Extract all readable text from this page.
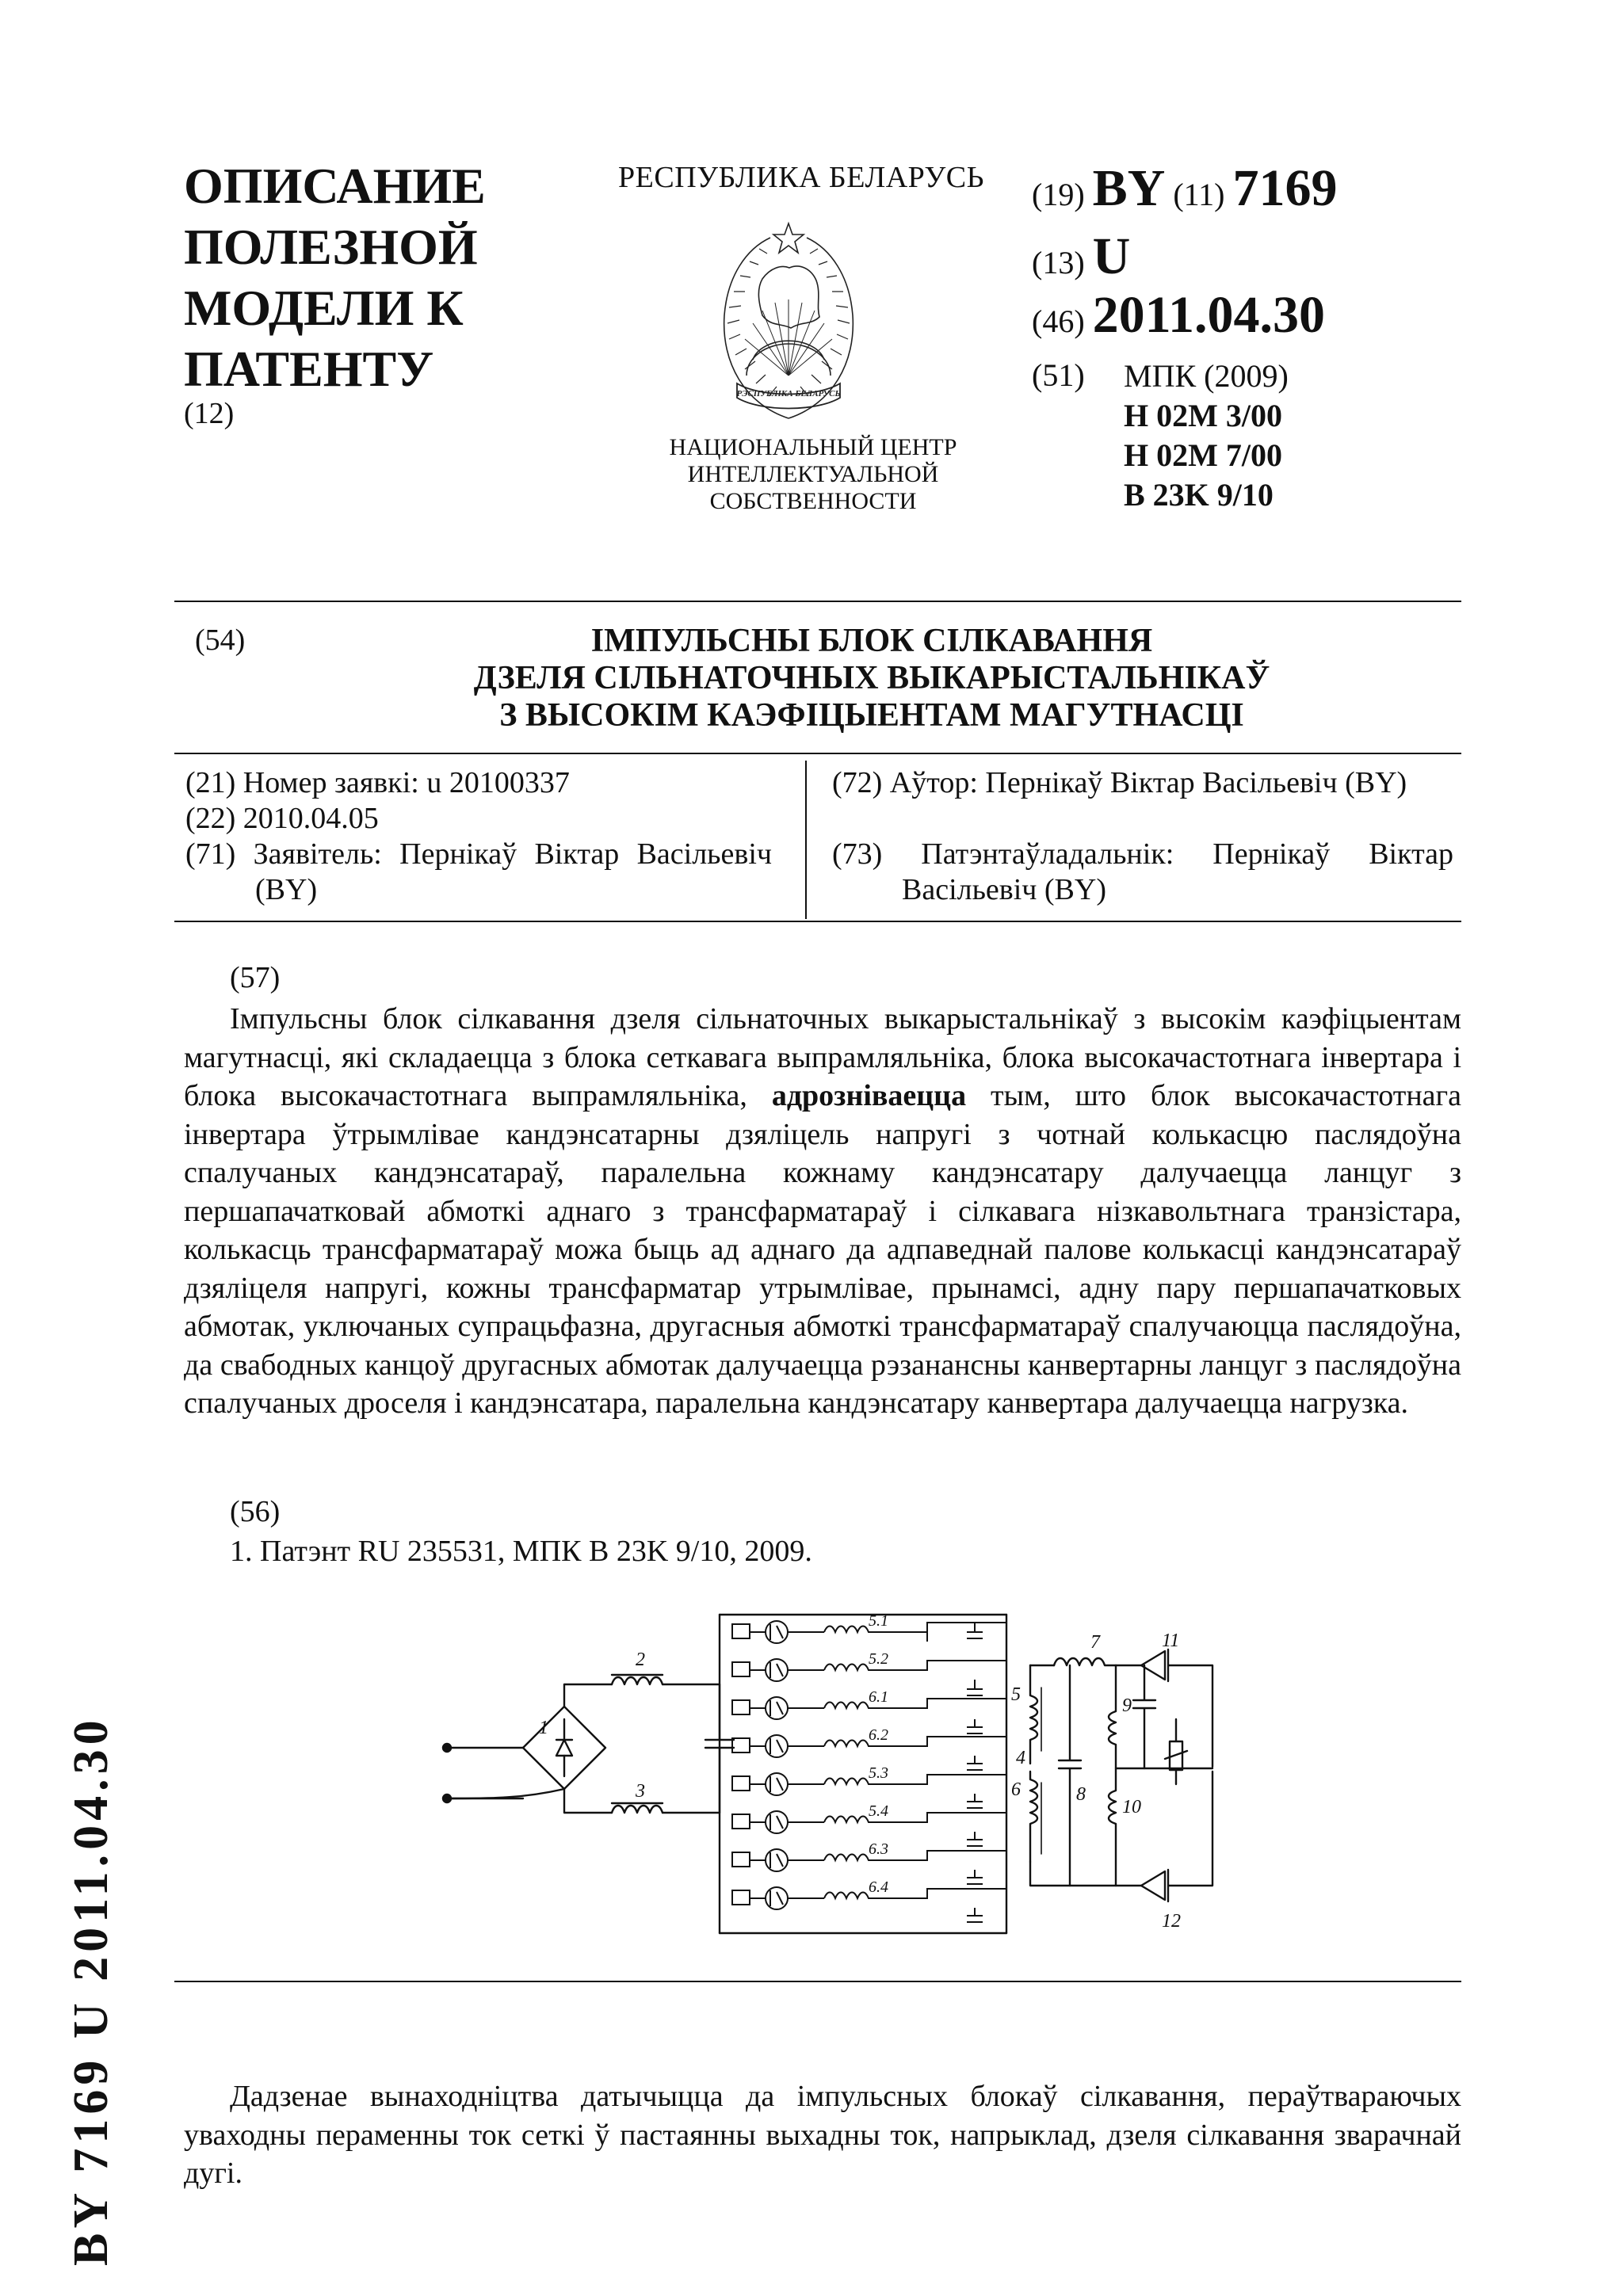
ОПИСАНИЕ
ПОЛЕЗНОЙ
МОДЕЛИ К
ПАТЕНТУ
(12)
РЕСПУБЛИКА БЕЛАРУСЬ
РЭСПУБЛІКА БЕЛАРУСЬ
НАЦИОНАЛЬНЫЙ ЦЕНТР
ИНТЕЛЛЕКТУАЛЬНОЙ
СОБСТВЕННОСТИ
(19) BY (11) 7169
(13) U
(46) 2011.04.30
(51) МПК (2009)
H 02M 3/00
H 02M 7/00
B 23K 9/10
(54)	ІМПУЛЬСНЫ БЛОК СІЛКАВАННЯ
ДЗЕЛЯ СІЛЬНАТОЧНЫХ ВЫКАРЫСТАЛЬНІКАЎ
З ВЫСОКІМ КАЭФІЦЫЕНТАМ МАГУТНАСЦІ
(21) Номер заявкі: u 20100337
(22) 2010.04.05
(71) Заявітель: Пернікаў Віктар Васільевіч (BY)
(72) Аўтор: Пернікаў Віктар Васільевіч (BY)
(73) Патэнтаўладальнік: Пернікаў Віктар Васільевіч (BY)
(57)

Імпульсны блок сілкавання дзеля сільнаточных выкарыстальнікаў з высокім каэфіцыентам магутнасці, які складаецца з блока сеткавага выпрамляльніка, блока высокачастотнага інвертара і блока высокачастотнага выпрамляльніка, адрозніваецца тым, што блок высокачастотнага інвертара ўтрымлівае кандэнсатарны дзяліцель напругі з чотнай колькасцю паслядоўна спалучаных кандэнсатараў, паралельна кожнаму кандэнсатару далучаецца ланцуг з першапачатковай абмоткі аднаго з трансфарматараў і сілкавага нізкавольтнага транзістара, колькасць трансфарматараў можа быць ад аднаго да адпаведнай палове колькасці кандэнсатараў дзяліцеля напругі, кожны трансфарматар утрымлівае, прынамсі, адну пару першапачатковых абмотак, уключаных супрацьфазна, другасныя абмоткі трансфарматараў спалучаюцца паслядоўна, да свабодных канцоў другасных абмотак далучаецца рэзанансны канвертарны ланцуг з паслядоўна спалучаных дроселя і кандэнсатара, паралельна кандэнсатару канвертара далучаецца нагрузка.

(56)
1. Патэнт RU 235531, МПК B 23K 9/10, 2009.
1
2
3
4
5
6
7
8
9
10
11
12
5.1
5.2
6.1
6.2
5.3
5.4
6.3
6.4

Дадзенае вынаходніцтва датычыцца да імпульсных блокаў сілкавання, пераўтвараючых уваходны пераменны ток сеткі ў пастаянны выхадны ток, напрыклад, дзеля сілкавання зварачнай дугі.

BY 7169 U 2011.04.30
